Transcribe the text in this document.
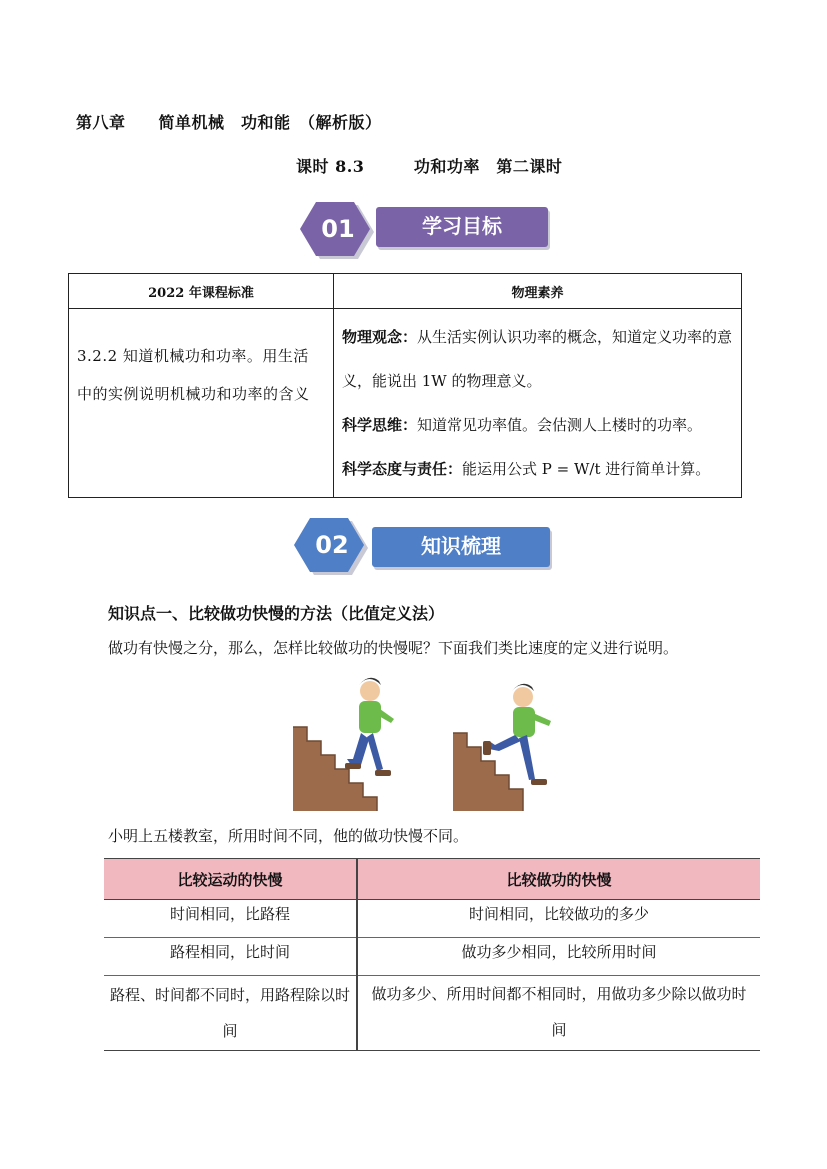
第八章　　简单机械　功和能　（解析版）
课时 8.3　　　功和功率　第二课时
01	学习目标
2022 年课程标准	物理素养
3.2.2 知道机械功和功率。用生活中的实例说明机械功和功率的含义	物理观念：从生活实例认识功率的概念，知道定义功率的意义，能说出 1W 的物理意义。
科学思维：知道常见功率值。会估测人上楼时的功率。
科学态度与责任：能运用公式 P = W/t 进行简单计算。
02	知识梳理
知识点一、比较做功快慢的方法（比值定义法）
做功有快慢之分，那么，怎样比较做功的快慢呢？下面我们类比速度的定义进行说明。
小明上五楼教室，所用时间不同，他的做功快慢不同。
比较运动的快慢	比较做功的快慢
时间相同，比路程	时间相同，比较做功的多少
路程相同，比时间	做功多少相同，比较所用时间
路程、时间都不同时，用路程除以时间	做功多少、所用时间都不相同时，用做功多少除以做功时间
